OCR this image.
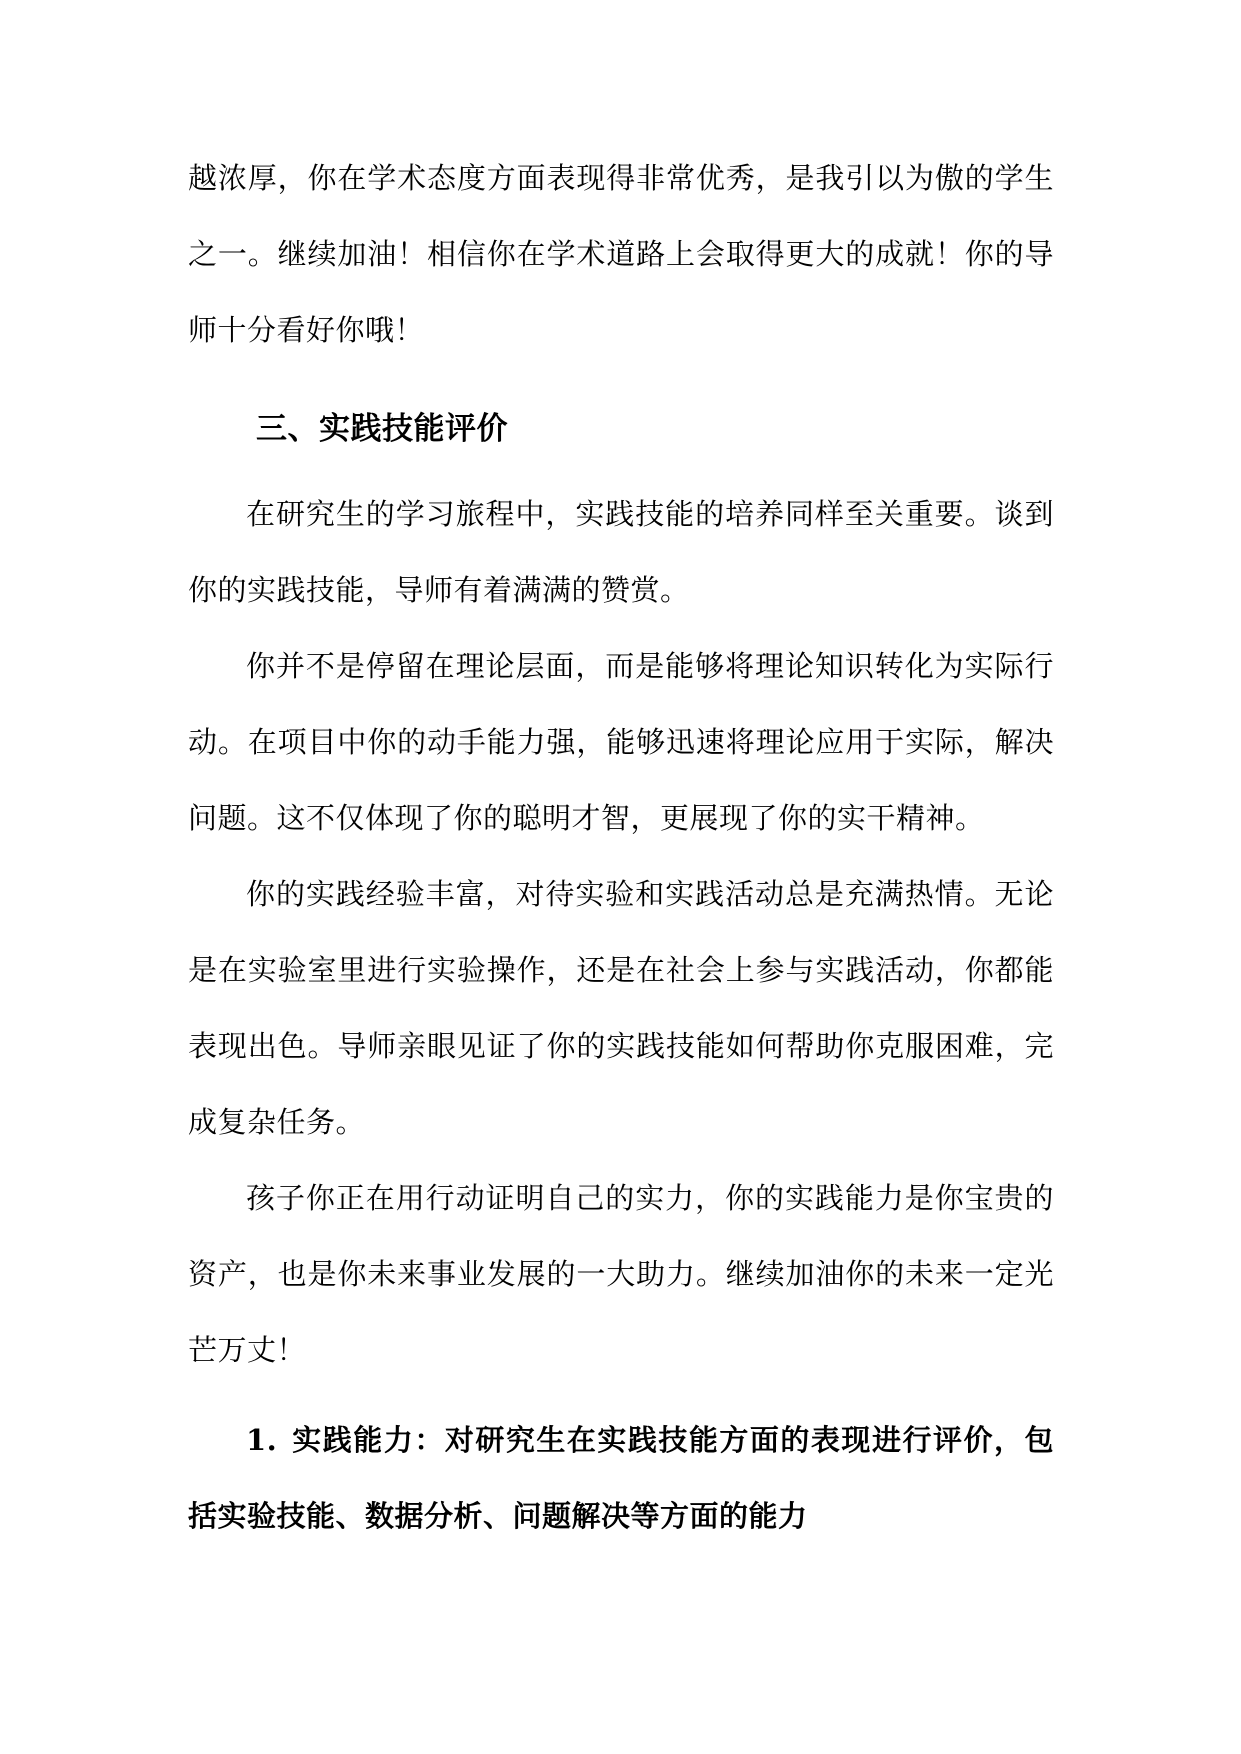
越浓厚，你在学术态度方面表现得非常优秀，是我引以为傲的学生之一。继续加油！相信你在学术道路上会取得更大的成就！你的导师十分看好你哦！

三、实践技能评价

在研究生的学习旅程中，实践技能的培养同样至关重要。谈到你的实践技能，导师有着满满的赞赏。

你并不是停留在理论层面，而是能够将理论知识转化为实际行动。在项目中你的动手能力强，能够迅速将理论应用于实际，解决问题。这不仅体现了你的聪明才智，更展现了你的实干精神。

你的实践经验丰富，对待实验和实践活动总是充满热情。无论是在实验室里进行实验操作，还是在社会上参与实践活动，你都能表现出色。导师亲眼见证了你的实践技能如何帮助你克服困难，完成复杂任务。

孩子你正在用行动证明自己的实力，你的实践能力是你宝贵的资产，也是你未来事业发展的一大助力。继续加油你的未来一定光芒万丈！

1. 实践能力：对研究生在实践技能方面的表现进行评价，包括实验技能、数据分析、问题解决等方面的能力
